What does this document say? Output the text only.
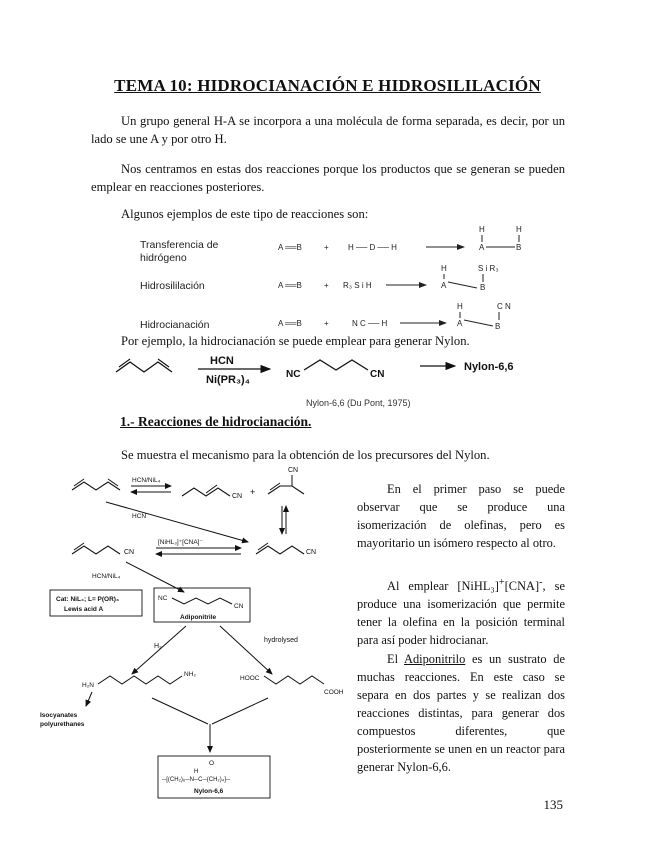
TEMA 10: HIDROCIANACIÓN E HIDROSILILACIÓN
Un grupo general H-A se incorpora a una molécula de forma separada, es decir, por un lado se une A y por otro H.
Nos centramos en estas dos reacciones porque los productos que se generan se pueden emplear en reacciones posteriores.
Algunos ejemplos de este tipo de reacciones son:
Transferencia de
hidrógeno
A ══B	+ H ── D ── H
H	H
A	B
Hidrosililación	A ══B	+ R₃ S i H
H
A
S i R₃
B
Hidrocianación	A ══B	+	N C ── H
H
A
C N
B
Por ejemplo, la hidrocianación se puede emplear para generar Nylon.
HCN
Ni(PR₃)₄	NC	CN
Nylon-6,6
Nylon-6,6 (Du Pont, 1975)
1.- Reacciones de hidrocianación.
Se muestra el mecanismo para la obtención de los precursores del Nylon.
HCN/NiL₄
CN +
CN
HCN
CN
CN
[NiHL₃]⁺[CNA]⁻
HCN/NiL₄
Cat: NiL₄; L= P(OR)₃
Lewis acid A
NC
CN
Adiponitrile
H₂
hydrolysed
H₂N
NH₂
Isocyanates
polyurethanes
HOOC
COOH
O
H
─[(CH₂)₆─N─C─(CH₂)₄]─
Nylon-6,6
En el primer paso se puede observar que se produce una isomerización de olefinas, pero es mayoritario un isómero respecto al otro.
Al emplear [NiHL₃]+[CNA]-, se produce una isomerización que permite tener la olefina en la posición terminal para así poder hidrocianar.
El Adiponitrilo es un sustrato de muchas reacciones. En este caso se separa en dos partes y se realizan dos reacciones distintas, para generar dos compuestos diferentes, que posteriormente se unen en un reactor para generar Nylon-6,6.
135
